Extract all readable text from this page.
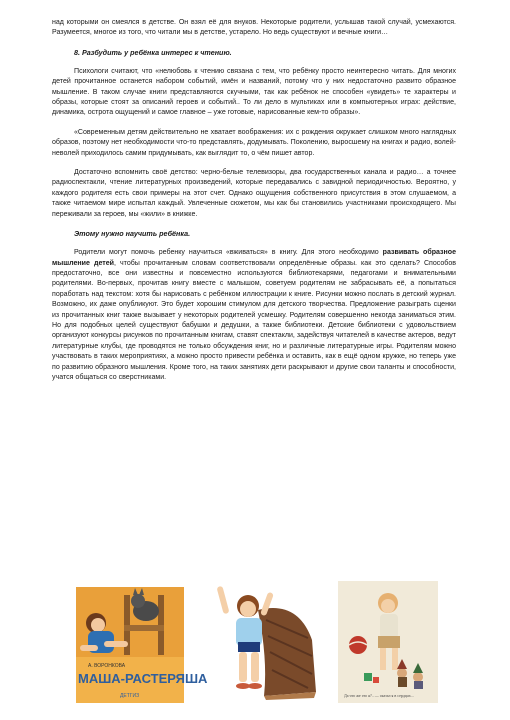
над которыми он смеялся в детстве. Он взял её для внуков. Некоторые родители, услышав такой случай, усмехаются. Разумеется, многое из того, что читали мы в детстве, устарело. Но ведь существуют и вечные книги…

8. Разбудить у ребёнка интерес к чтению.

Психологи считают, что «нелюбовь к чтению связана с тем, что ребёнку просто неинтересно читать. Для многих детей прочитанное останется набором событий, имён и названий, потому что у них недостаточно развито образное мышление. В таком случае книги представляются скучными, так как ребёнок не способен «увидеть» те характеры и образы, которые стоят за описаний героев и событий.. То ли дело в мультиках или в компьютерных играх: действие, динамика, острота ощущений и самое главное – уже готовые, нарисованные кем-то образы».

«Современным детям действительно не хватает воображения: их с рождения окружает слишком много наглядных образов, поэтому нет необходимости что-то представлять, додумывать. Поколению, выросшему на книгах и радио, волей-неволей приходилось самим придумывать, как выглядит то, о чём пишет автор.

Достаточно вспомнить своё детство: черно-белые телевизоры, два государственных канала и радио… а точнее радиоспектакли, чтение литературных произведений, которые передавались с завидной периодичностью. Вероятно, у каждого родителя есть свои примеры на этот счет. Однако ощущения собственного присутствия в этом слушаемом, а также читаемом мире испытал каждый. Увлеченные сюжетом, мы как бы становились участниками происходящего. Мы переживали за героев, мы «жили» в книжке.

Этому нужно научить ребёнка.

Родители могут помочь ребенку научиться «вживаться» в книгу. Для этого необходимо развивать образное мышление детей, чтобы прочитанным словам соответствовали определённые образы. как это сделать? Способов предостаточно, все они известны и повсеместно используются библиотекарями, педагогами и внимательными родителями. Во-первых, прочитав книгу вместе с малышом, советуем родителям не забрасывать её, а попытаться поработать над текстом: хотя бы нарисовать с ребёнком иллюстрации к книге. Рисунки можно послать в детский журнал. Возможно, их даже опубликуют. Это будет хорошим стимулом для детского творчества. Предложение разыграть сценки из прочитанных книг также вызывает у некоторых родителей усмешку. Родителям совершенно некогда заниматься этим. Но для подобных целей существуют бабушки и дедушки, а также библиотеки. Детские библиотеки с удовольствием организуют конкурсы рисунков по прочитанным книгам, ставят спектакли, задействуя читателей в качестве актеров, ведут литературные клубы, где проводятся не только обсуждения книг, но и различные литературные игры. Родителям можно участвовать в таких мероприятиях, а можно просто привести ребёнка и оставить, как в ещё одном кружке, но теперь уже по развитию образного мышления. Кроме того, на таких занятиях дети раскрывают и другие свои таланты и способности, учатся общаться со сверстниками.

А. ВОРОНКОВА
МАША-РАСТЕРЯША
ДЕТГИЗ	Да что же это я?.. — сказал я в сердцах...
